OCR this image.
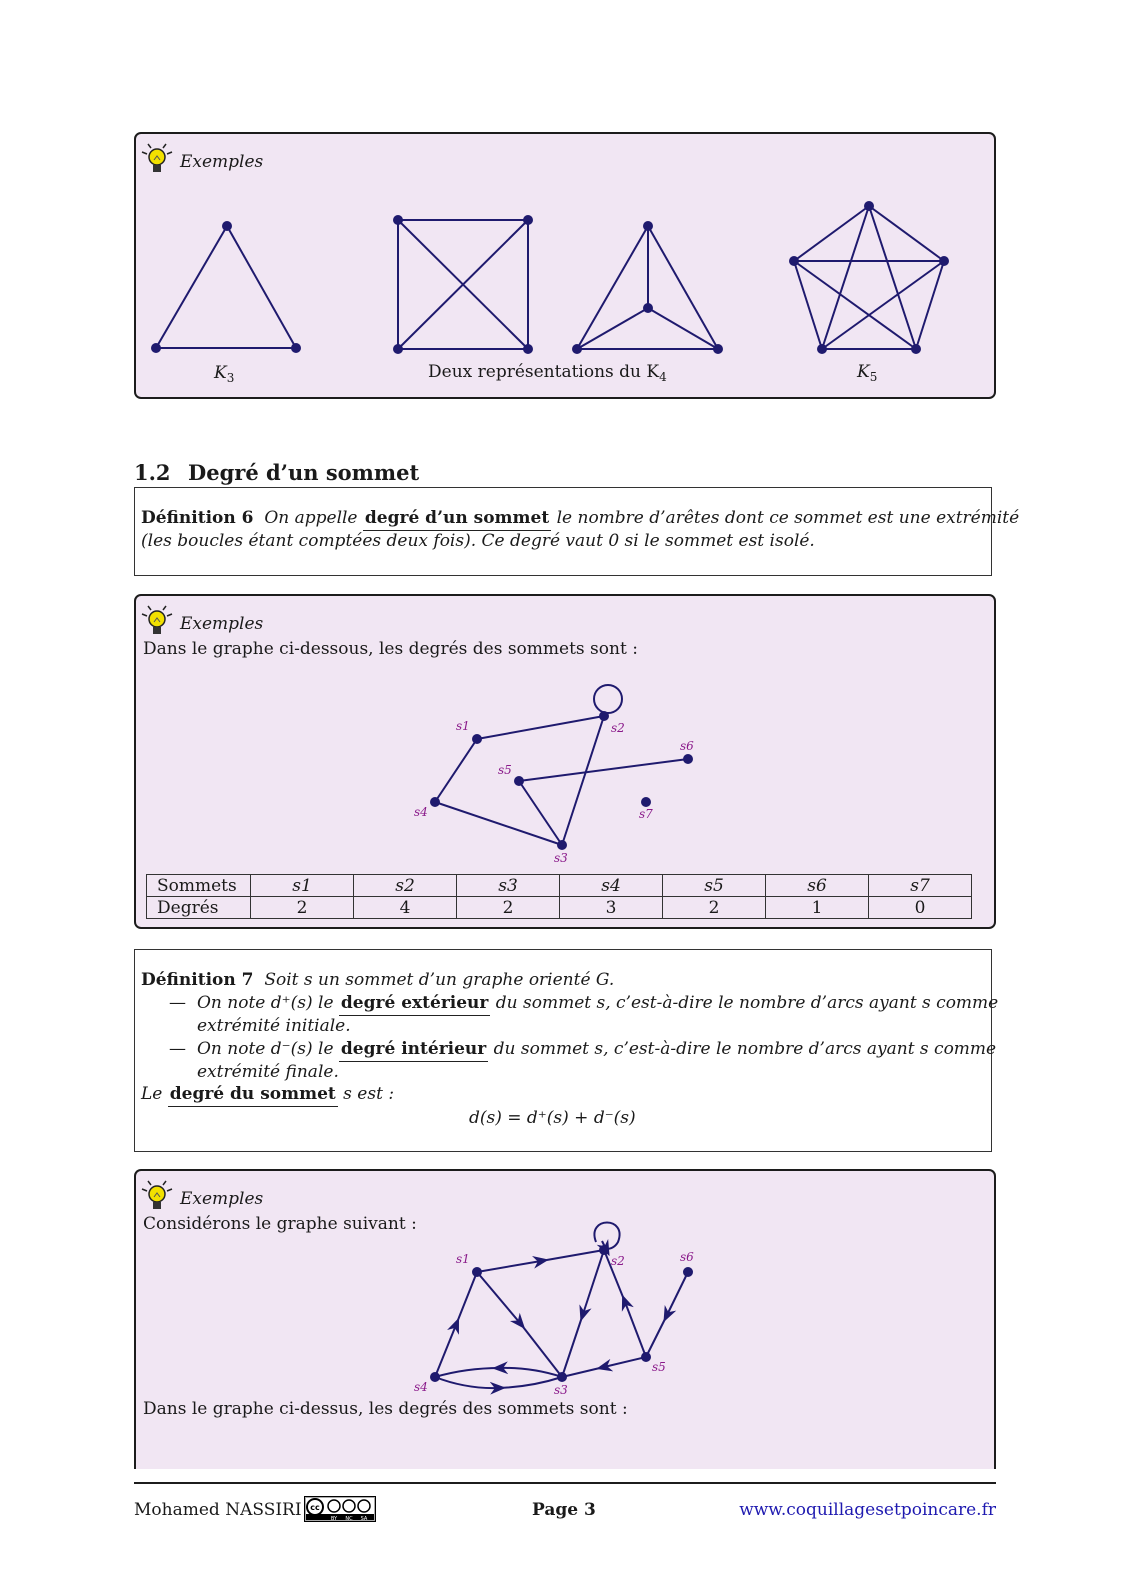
Exemples
$K_3$	Deux représentations du $K_4$	$K_5$
1.2 Degré d’un sommet
Définition 6 On appelle degré d’un sommet le nombre d’arêtes dont ce sommet est une extrémité
(les boucles étant comptées deux fois). Ce degré vaut 0 si le sommet est isolé.
Exemples
Dans le graphe ci-dessous, les degrés des sommets sont :
s1	s2
s3
s4
s5
s6
s7
Sommets	s1	s2	s3	s4	s5	s6	s7
Degrés	2	4	2	3	2	1	0
Définition 7 Soit s un sommet d’un graphe orienté G.
— On note d⁺(s) le degré extérieur du sommet s, c’est-à-dire le nombre d’arcs ayant s comme
extrémité initiale.
— On note d⁻(s) le degré intérieur du sommet s, c’est-à-dire le nombre d’arcs ayant s comme
extrémité finale.
Le degré du sommet s est :
d(s) = d⁺(s) + d⁻(s)
Exemples
Considérons le graphe suivant :
s1	s2
s3
s4
s5
s6
Dans le graphe ci-dessus, les degrés des sommets sont :
Mohamed NASSIRI cc
BY NC SA	Page 3	www.coquillagesetpoincare.fr
